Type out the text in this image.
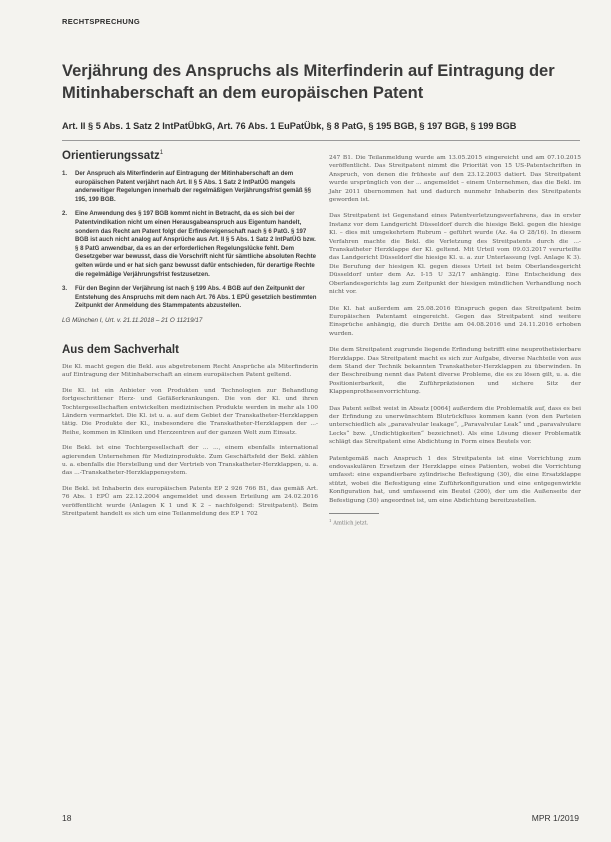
RECHTSPRECHUNG
Verjährung des Anspruchs als Miterfinderin auf Eintragung der Mitinhaberschaft an dem europäischen Patent
Art. II § 5 Abs. 1 Satz 2 IntPatÜbkG, Art. 76 Abs. 1 EuPatÜbk, § 8 PatG, § 195 BGB, § 197 BGB, § 199 BGB
Orientierungssatz$^1$
1. Der Anspruch als Miterfinderin auf Eintragung der Mitinhaberschaft an dem europäischen Patent verjährt nach Art. II § 5 Abs. 1 Satz 2 IntPatÜG mangels anderweitiger Regelungen innerhalb der regelmäßigen Verjährungsfrist gemäß §§ 195, 199 BGB.
2. Eine Anwendung des § 197 BGB kommt nicht in Betracht, da es sich bei der Patentvindikation nicht um einen Herausgabeanspruch aus Eigentum handelt, sondern das Recht am Patent folgt der Erfindereigenschaft nach § 6 PatG. § 197 BGB ist auch nicht analog auf Ansprüche aus Art. II § 5 Abs. 1 Satz 2 IntPatÜG bzw. § 8 PatG anwendbar, da es an der erforderlichen Regelungslücke fehlt. Dem Gesetzgeber war bewusst, dass die Vorschrift nicht für sämtliche absoluten Rechte gelten würde und er hat sich ganz bewusst dafür entschieden, für derartige Rechte die regelmäßige Verjährungsfrist festzusetzen.
3. Für den Beginn der Verjährung ist nach § 199 Abs. 4 BGB auf den Zeitpunkt der Entstehung des Anspruchs mit dem nach Art. 76 Abs. 1 EPÜ gesetzlich bestimmten Zeitpunkt der Anmeldung des Stammpatents abzustellen.
LG München I, Urt. v. 21.11.2018 – 21 O 11219/17
Aus dem Sachverhalt
Die Kl. macht gegen die Bekl. aus abgetretenem Recht Ansprüche als Miterfinderin auf Eintragung der Mitinhaberschaft an einem europäischen Patent geltend.
Die Kl. ist ein Anbieter von Produkten und Technologien zur Behandlung fortgeschrittener Herz- und Gefäßerkrankungen. Die von der Kl. und ihren Tochtergesellschaften entwickelten medizinischen Produkte werden in mehr als 100 Ländern vermarktet. Die Kl. ist u. a. auf dem Gebiet der Transkatheter-Herzklappen tätig. Die Produkte der Kl., insbesondere die Transkatheter-Herzklappen der ...-Reihe, kommen in Kliniken und Herzzentren auf der ganzen Welt zum Einsatz.
Die Bekl. ist eine Tochtergesellschaft der ... ..., einem ebenfalls international agierenden Unternehmen für Medizinprodukte. Zum Geschäftsfeld der Bekl. zählen u. a. ebenfalls die Herstellung und der Vertrieb von Transkatheter-Herzklappen, u. a. das ...-Transkatheter-Herzklappensystem.
Die Bekl. ist Inhaberin des europäischen Patents EP 2 926 766 B1, das gemäß Art. 76 Abs. 1 EPÜ am 22.12.2004 angemeldet und dessen Erteilung am 24.02.2016 veröffentlicht wurde (Anlagen K 1 und K 2 – nachfolgend: Streitpatent). Beim Streitpatent handelt es sich um eine Teilanmeldung des EP 1 702
247 B1. Die Teilanmeldung wurde am 13.05.2015 eingereicht und am 07.10.2015 veröffentlicht. Das Streitpatent nimmt die Priorität von 15 US-Patentschriften in Anspruch, von denen die früheste auf den 23.12.2003 datiert. Das Streitpatent wurde ursprünglich von der ... angemeldet – einem Unternehmen, das die Bekl. im Jahr 2011 übernommen hat und dadurch nunmehr Inhaberin des Streitpatents geworden ist.
Das Streitpatent ist Gegenstand eines Patentverletzungsverfahrens, das in erster Instanz vor dem Landgericht Düsseldorf durch die hiesige Bekl. gegen die hiesige Kl. – dies mit umgekehrtem Rubrum – geführt wurde (Az. 4a O 28/16). In diesem Verfahren machte die Bekl. die Verletzung des Streitpatents durch die ...-Transkatheter Herzklappe der Kl. geltend. Mit Urteil vom 09.03.2017 verurteilte das Landgericht Düsseldorf die hiesige Kl. u. a. zur Unterlassung (vgl. Anlage K 3). Die Berufung der hiesigen Kl. gegen dieses Urteil ist beim Oberlandesgericht Düsseldorf unter dem Az. I-15 U 32/17 anhängig. Eine Entscheidung des Oberlandesgerichts lag zum Zeitpunkt der hiesigen mündlichen Verhandlung noch nicht vor.
Die Kl. hat außerdem am 25.08.2016 Einspruch gegen das Streitpatent beim Europäischen Patentamt eingereicht. Gegen das Streitpatent sind weitere Einsprüche anhängig, die durch Dritte am 04.08.2016 und 24.11.2016 erhoben wurden.
Die dem Streitpatent zugrunde liegende Erfindung betrifft eine neuprothetisierbare Herzklappe. Das Streitpatent macht es sich zur Aufgabe, diverse Nachteile von aus dem Stand der Technik bekannten Transkatheter-Herzklappen zu überwinden. In der Beschreibung nennt das Patent diverse Probleme, die es zu lösen gilt, u. a. die Positionierbarkeit, die Zuführpräzisionen und sichere Sitz der Klappenprothesenvorrichtung.
Das Patent selbst weist in Absatz [0064] außerdem die Problematik auf, dass es bei der Erfindung zu unerwünschtem Blutrückfluss kommen kann (von den Parteien unterschiedlich als „paravalvular leakage“, „Paravalvular Leak“ und „paravalvulare Lecks“ bzw. „Undichtigkeiten“ bezeichnet). Als eine Lösung dieser Problematik schlägt das Streitpatent eine Abdichtung in Form eines Beutels vor.
Patentgemäß nach Anspruch 1 des Streitpatents ist eine Vorrichtung zum endovaskulären Ersetzen der Herzklappe eines Patienten, wobei die Vorrichtung umfasst: eine expandierbare zylindrische Befestigung (30), die eine Ersatzklappe stützt, wobei die Befestigung eine Zuführkonfiguration und eine entgegenwirkte Konfiguration hat, und umfassend ein Beutel (200), der um die Außenseite der Befestigung (30) angeordnet ist, um eine Abdichtung bereitzustellen.
$^1$ Amtlich jetzt.
18	MPR 1/2019
